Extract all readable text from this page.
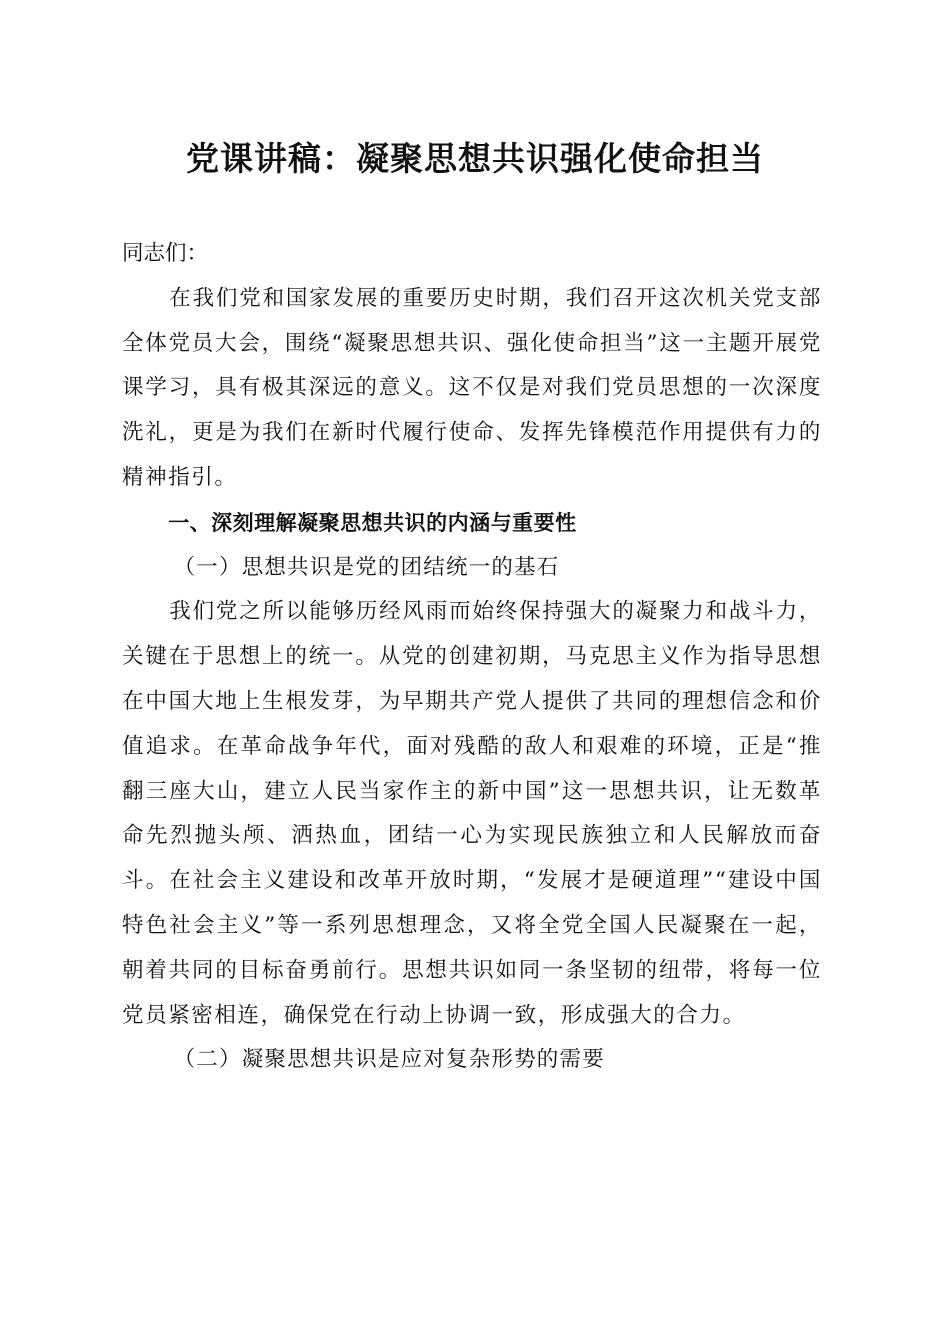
党课讲稿：凝聚思想共识强化使命担当

同志们：

在我们党和国家发展的重要历史时期，我们召开这次机关党支部全体党员大会，围绕“凝聚思想共识、强化使命担当”这一主题开展党课学习，具有极其深远的意义。这不仅是对我们党员思想的一次深度洗礼，更是为我们在新时代履行使命、发挥先锋模范作用提供有力的精神指引。

一、深刻理解凝聚思想共识的内涵与重要性

（一）思想共识是党的团结统一的基石

我们党之所以能够历经风雨而始终保持强大的凝聚力和战斗力，关键在于思想上的统一。从党的创建初期，马克思主义作为指导思想在中国大地上生根发芽，为早期共产党人提供了共同的理想信念和价值追求。在革命战争年代，面对残酷的敌人和艰难的环境，正是“推翻三座大山，建立人民当家作主的新中国”这一思想共识，让无数革命先烈抛头颅、洒热血，团结一心为实现民族独立和人民解放而奋斗。在社会主义建设和改革开放时期，“发展才是硬道理”“建设中国特色社会主义”等一系列思想理念，又将全党全国人民凝聚在一起，朝着共同的目标奋勇前行。思想共识如同一条坚韧的纽带，将每一位党员紧密相连，确保党在行动上协调一致，形成强大的合力。

（二）凝聚思想共识是应对复杂形势的需要
